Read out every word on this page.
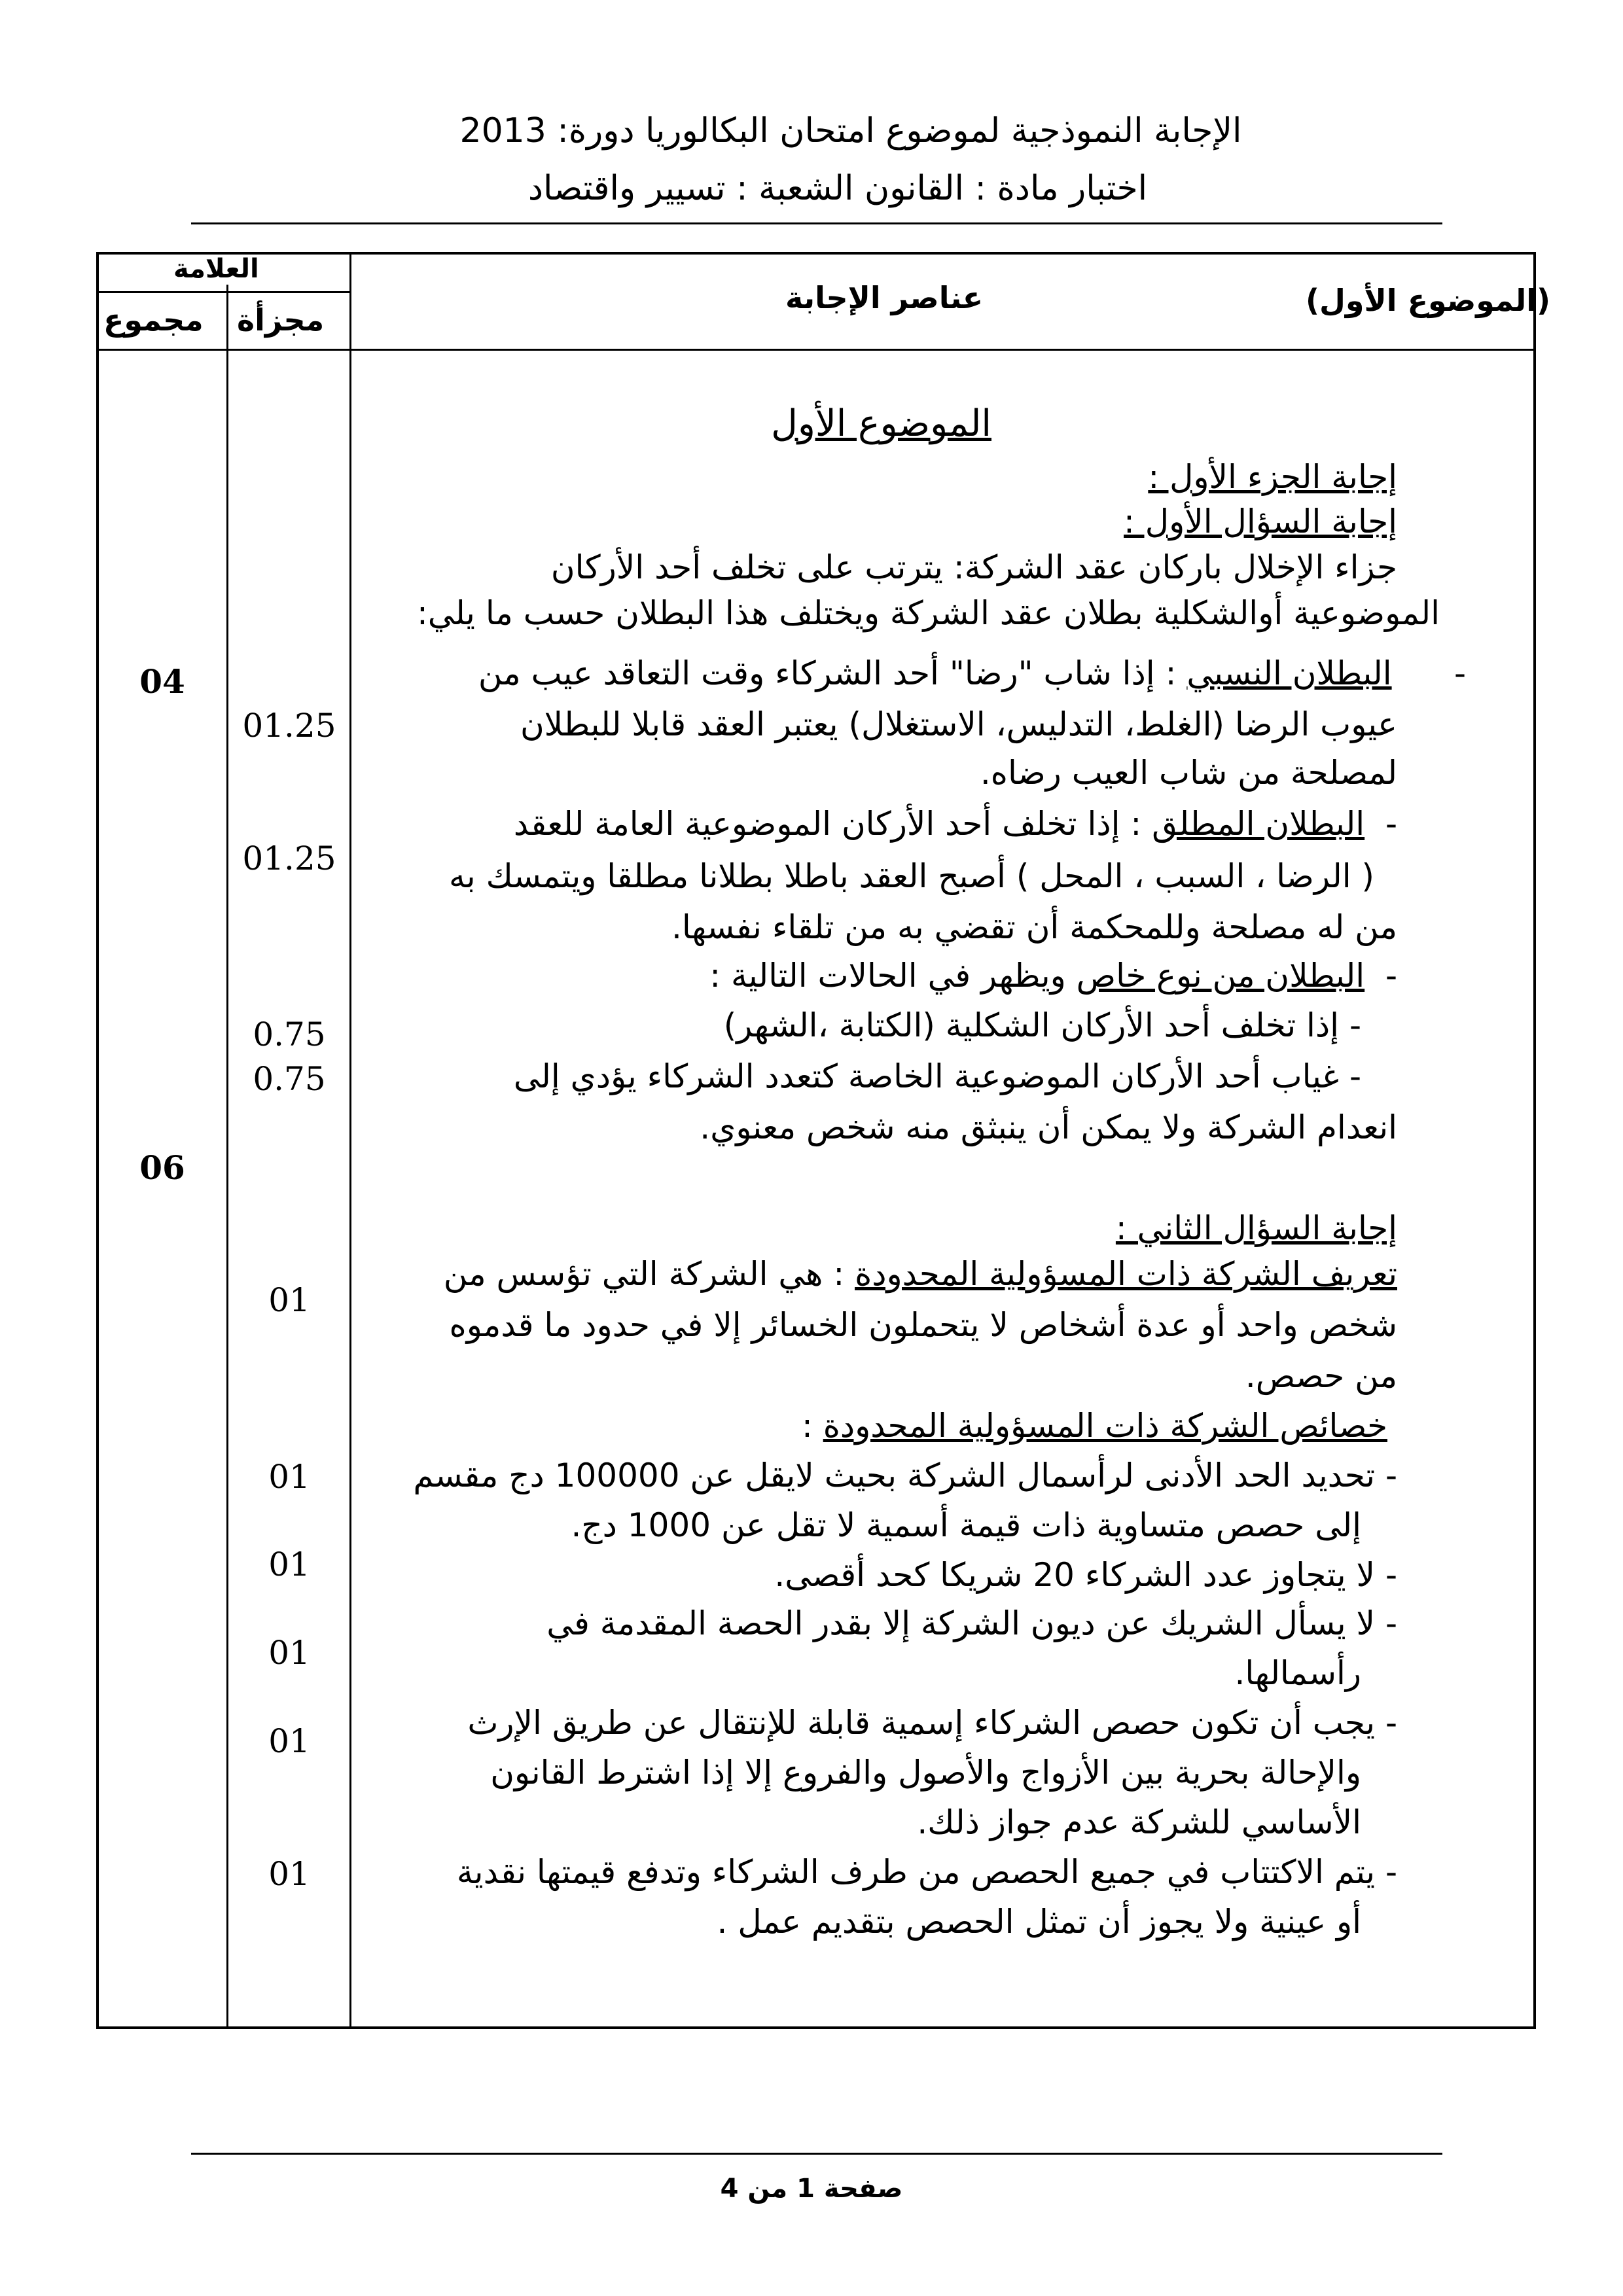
الإجابة النموذجية لموضوع امتحان البكالوريا دورة: 2013
اختبار مادة : القانون الشعبة : تسيير واقتصاد
العلامة
مجموع مجزأة
عناصر الإجابة	(الموضوع الأول)
04
06
01.25
01.25
0.75
0.75
01
01
01
01
01
01
الموضوع الأول
إجابة الجزء الأول :
إجابة السؤال الأول :
جزاء الإخلال باركان عقد الشركة: يترتب على تخلف أحد الأركان
الموضوعية أوالشكلية بطلان عقد الشركة ويختلف هذا البطلان حسب ما يلي:
-      البطلان النسبي : إذا شاب "رضا" أحد الشركاء وقت التعاقد عيب من
عيوب الرضا (الغلط، التدليس، الاستغلال) يعتبر العقد قابلا للبطلان
لمصلحة من شاب العيب رضاه.
-  البطلان المطلق : إذا تخلف أحد الأركان الموضوعية العامة للعقد
( الرضا ، السبب ، المحل ) أصبح العقد باطلا بطلانا مطلقا ويتمسك به
من له مصلحة وللمحكمة أن تقضي به من تلقاء نفسها.
-  البطلان من نوع خاص ويظهر في الحالات التالية :
- إذا تخلف أحد الأركان الشكلية (الكتابة ،الشهر)
- غياب أحد الأركان الموضوعية الخاصة كتعدد الشركاء يؤدي إلى
انعدام الشركة ولا يمكن أن ينبثق منه شخص معنوي.
إجابة السؤال الثاني :
تعريف الشركة ذات المسؤولية المحدودة : هي الشركة التي تؤسس من
شخص واحد أو عدة أشخاص لا يتحملون الخسائر إلا في حدود ما قدموه
من حصص.
خصائص الشركة ذات المسؤولية المحدودة :
- تحديد الحد الأدنى لرأسمال الشركة بحيث لايقل عن 100000 دج مقسم
إلى حصص متساوية ذات قيمة أسمية لا تقل عن 1000 دج.
- لا يتجاوز عدد الشركاء 20 شريكا كحد أقصى.
- لا يسأل الشريك عن ديون الشركة إلا بقدر الحصة المقدمة في
رأسمالها.
- يجب أن تكون حصص الشركاء إسمية قابلة للإنتقال عن طريق الإرث
والإحالة بحرية بين الأزواج والأصول والفروع إلا إذا اشترط القانون
الأساسي للشركة عدم جواز ذلك.
- يتم الاكتتاب في جميع الحصص من طرف الشركاء وتدفع قيمتها نقدية
أو عينية ولا يجوز أن تمثل الحصص بتقديم عمل .
صفحة 1 من 4
